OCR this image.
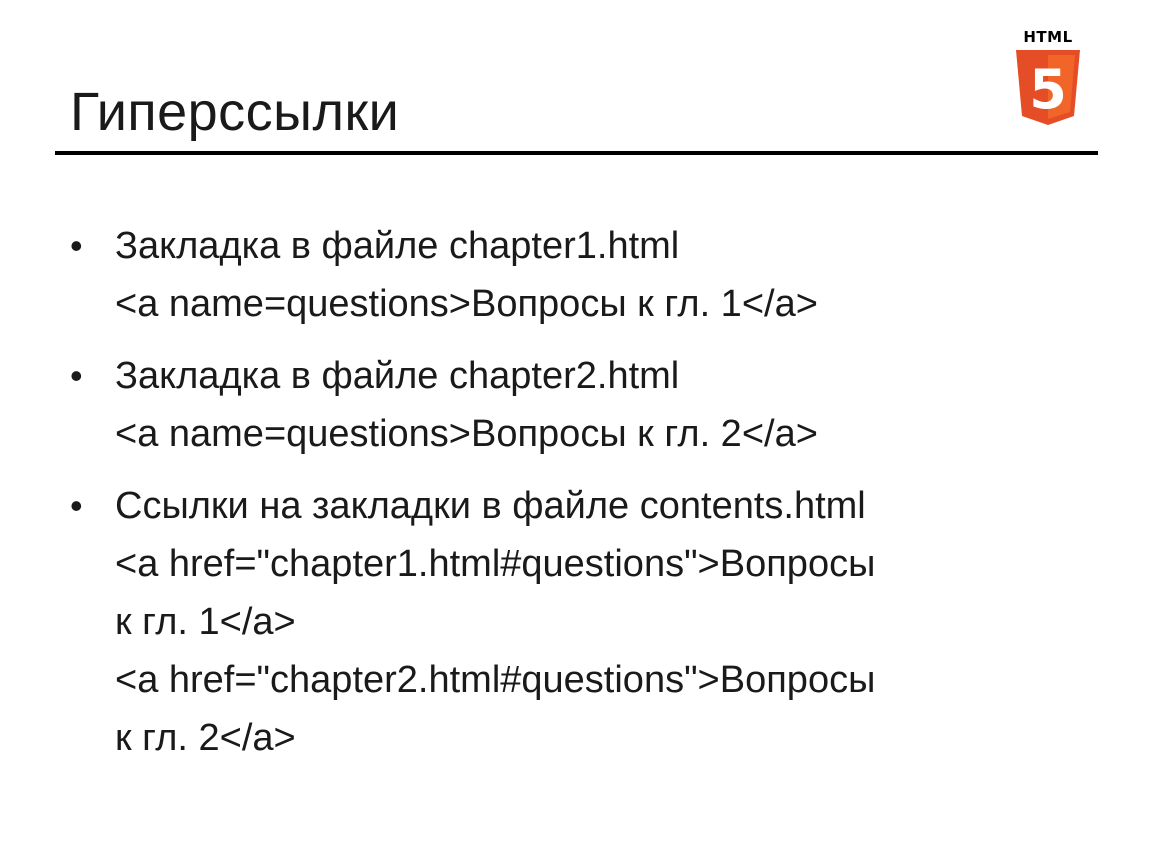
Гиперссылки
HTML
5
• Закладка в файле chapter1.html
<a name=questions>Вопросы к гл. 1</a>
• Закладка в файле chapter2.html
<a name=questions>Вопросы к гл. 2</a>
• Ссылки на закладки в файле contents.html
<a href="chapter1.html#questions">Вопросы
к гл. 1</a>
<a href="chapter2.html#questions">Вопросы
к гл. 2</a>
